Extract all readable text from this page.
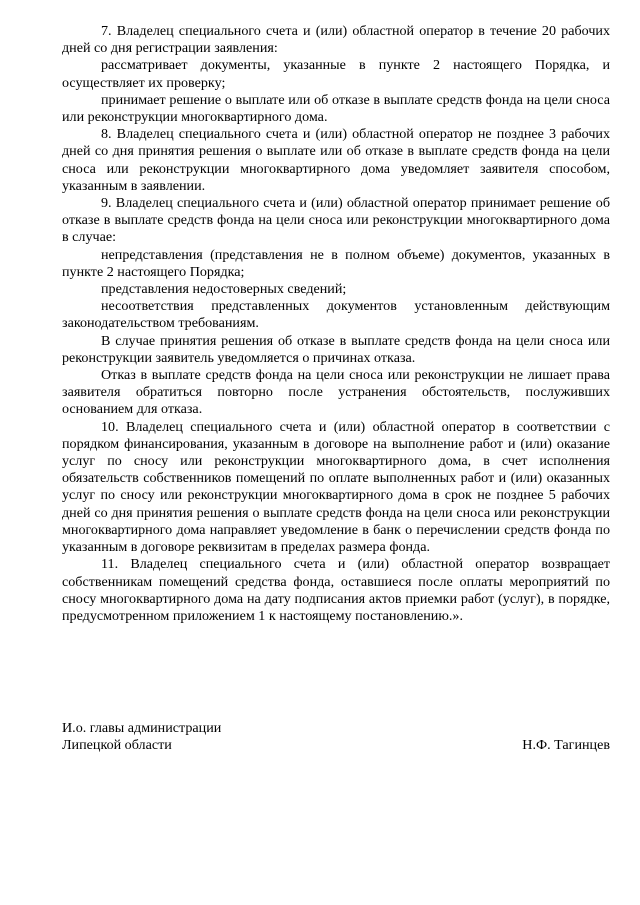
7. Владелец специального счета и (или) областной оператор в течение 20 рабочих дней со дня регистрации заявления:

рассматривает документы, указанные в пункте 2 настоящего Порядка, и осуществляет их проверку;

принимает решение о выплате или об отказе в выплате средств фонда на цели сноса или реконструкции многоквартирного дома.

8. Владелец специального счета и (или) областной оператор не позднее 3 рабочих дней со дня принятия решения о выплате или об отказе в выплате средств фонда на цели сноса или реконструкции многоквартирного дома уведомляет заявителя способом, указанным в заявлении.

9. Владелец специального счета и (или) областной оператор принимает решение об отказе в выплате средств фонда на цели сноса или реконструкции многоквартирного дома в случае:

непредставления (представления не в полном объеме) документов, указанных в пункте 2 настоящего Порядка;

представления недостоверных сведений;

несоответствия представленных документов установленным действующим законодательством требованиям.

В случае принятия решения об отказе в выплате средств фонда на цели сноса или реконструкции заявитель уведомляется о причинах отказа.

Отказ в выплате средств фонда на цели сноса или реконструкции не лишает права заявителя обратиться повторно после устранения обстоятельств, послуживших основанием для отказа.

10. Владелец специального счета и (или) областной оператор в соответствии с порядком финансирования, указанным в договоре на выполнение работ и (или) оказание услуг по сносу или реконструкции многоквартирного дома, в счет исполнения обязательств собственников помещений по оплате выполненных работ и (или) оказанных услуг по сносу или реконструкции многоквартирного дома в срок не позднее 5 рабочих дней со дня принятия решения о выплате средств фонда на цели сноса или реконструкции многоквартирного дома направляет уведомление в банк о перечислении средств фонда по указанным в договоре реквизитам в пределах размера фонда.

11. Владелец специального счета и (или) областной оператор возвращает собственникам помещений средства фонда, оставшиеся после оплаты мероприятий по сносу многоквартирного дома на дату подписания актов приемки работ (услуг), в порядке, предусмотренном приложением 1 к настоящему постановлению.».

И.о. главы администрации
Липецкой области	Н.Ф. Тагинцев
